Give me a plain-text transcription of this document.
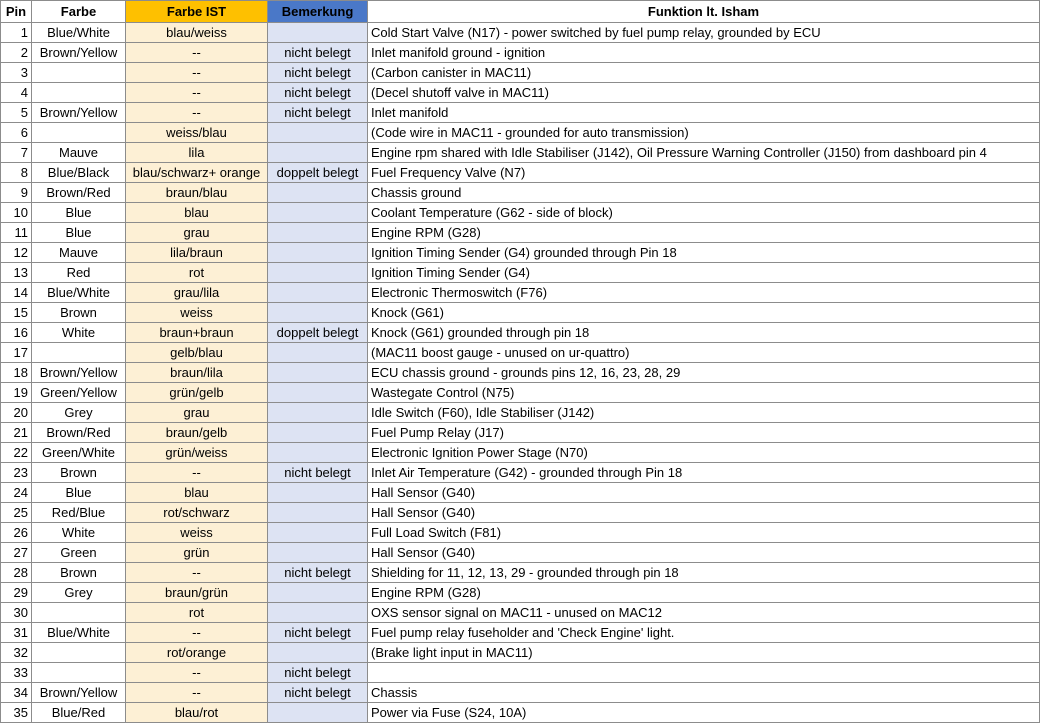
Pin	Farbe	Farbe IST	Bemerkung	Funktion lt. Isham
1	Blue/White	blau/weiss		Cold Start Valve (N17) - power switched by fuel pump relay, grounded by ECU
2	Brown/Yellow	--	nicht belegt	Inlet manifold ground - ignition
3		--	nicht belegt	(Carbon canister in MAC11)
4		--	nicht belegt	(Decel shutoff valve in MAC11)
5	Brown/Yellow	--	nicht belegt	Inlet manifold
6		weiss/blau		(Code wire in MAC11 - grounded for auto transmission)
7	Mauve	lila		Engine rpm shared with Idle Stabiliser (J142), Oil Pressure Warning Controller (J150) from dashboard pin 4
8	Blue/Black	blau/schwarz+ orange	doppelt belegt	Fuel Frequency Valve (N7)
9	Brown/Red	braun/blau		Chassis ground
10	Blue	blau		Coolant Temperature (G62 - side of block)
11	Blue	grau		Engine RPM (G28)
12	Mauve	lila/braun		Ignition Timing Sender (G4) grounded through Pin 18
13	Red	rot		Ignition Timing Sender (G4)
14	Blue/White	grau/lila		Electronic Thermoswitch (F76)
15	Brown	weiss		Knock (G61)
16	White	braun+braun	doppelt belegt	Knock (G61) grounded through pin 18
17		gelb/blau		(MAC11 boost gauge - unused on ur-quattro)
18	Brown/Yellow	braun/lila		ECU chassis ground - grounds pins 12, 16, 23, 28, 29
19	Green/Yellow	grün/gelb		Wastegate Control (N75)
20	Grey	grau		Idle Switch (F60), Idle Stabiliser (J142)
21	Brown/Red	braun/gelb		Fuel Pump Relay (J17)
22	Green/White	grün/weiss		Electronic Ignition Power Stage (N70)
23	Brown	--	nicht belegt	Inlet Air Temperature (G42) - grounded through Pin 18
24	Blue	blau		Hall Sensor (G40)
25	Red/Blue	rot/schwarz		Hall Sensor (G40)
26	White	weiss		Full Load Switch (F81)
27	Green	grün		Hall Sensor (G40)
28	Brown	--	nicht belegt	Shielding for 11, 12, 13, 29 - grounded through pin 18
29	Grey	braun/grün		Engine RPM (G28)
30		rot		OXS sensor signal on MAC11 - unused on MAC12
31	Blue/White	--	nicht belegt	Fuel pump relay fuseholder and 'Check Engine' light.
32		rot/orange		(Brake light input in MAC11)
33		--	nicht belegt	
34	Brown/Yellow	--	nicht belegt	Chassis
35	Blue/Red	blau/rot		Power via Fuse (S24, 10A)
